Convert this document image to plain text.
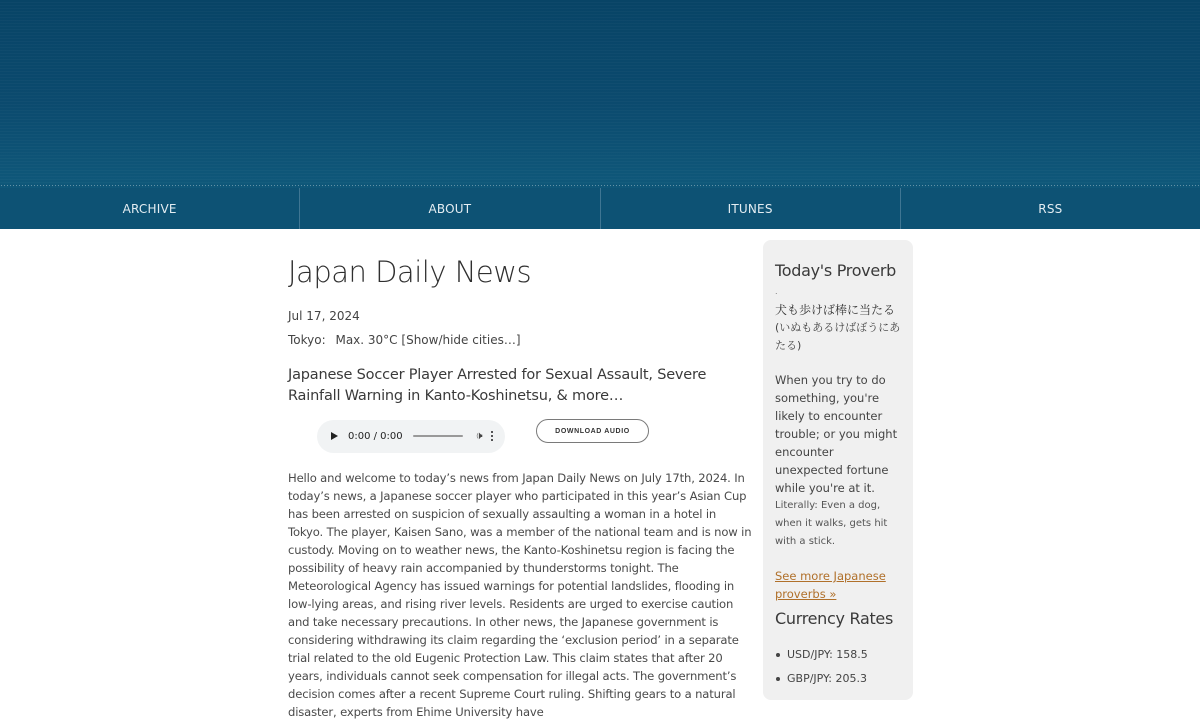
ARCHIVE	ABOUT	ITUNES	RSS
Japan Daily News
Jul 17, 2024
Tokyo: Max. 30°C [Show/hide cities…]
Japanese Soccer Player Arrested for Sexual Assault, Severe Rainfall Warning in Kanto-Koshinetsu, & more…
0:00 / 0:00	🕩	DOWNLOAD AUDIO

Hello and welcome to today’s news from Japan Daily News on July 17th, 2024. In today’s news, a Japanese soccer player who participated in this year’s Asian Cup has been arrested on suspicion of sexually assaulting a woman in a hotel in Tokyo. The player, Kaisen Sano, was a member of the national team and is now in custody. Moving on to weather news, the Kanto-Koshinetsu region is facing the possibility of heavy rain accompanied by thunderstorms tonight. The Meteorological Agency has issued warnings for potential landslides, flooding in low-lying areas, and rising river levels. Residents are urged to exercise caution and take necessary precautions. In other news, the Japanese government is considering withdrawing its claim regarding the ‘exclusion period’ in a separate trial related to the old Eugenic Protection Law. This claim states that after 20 years, individuals cannot seek compensation for illegal acts. The government’s decision comes after a recent Supreme Court ruling. Shifting gears to a natural disaster, experts from Ehime University have

Today's Proverb
.
犬も歩けば棒に当たる
(いぬもあるけばぼうにあたる)
When you try to do something, you're likely to encounter trouble; or you might encounter unexpected fortune while you're at it.
Literally: Even a dog, when it walks, gets hit with a stick.
See more Japanese proverbs »
Currency Rates
USD/JPY: 158.5
GBP/JPY: 205.3
